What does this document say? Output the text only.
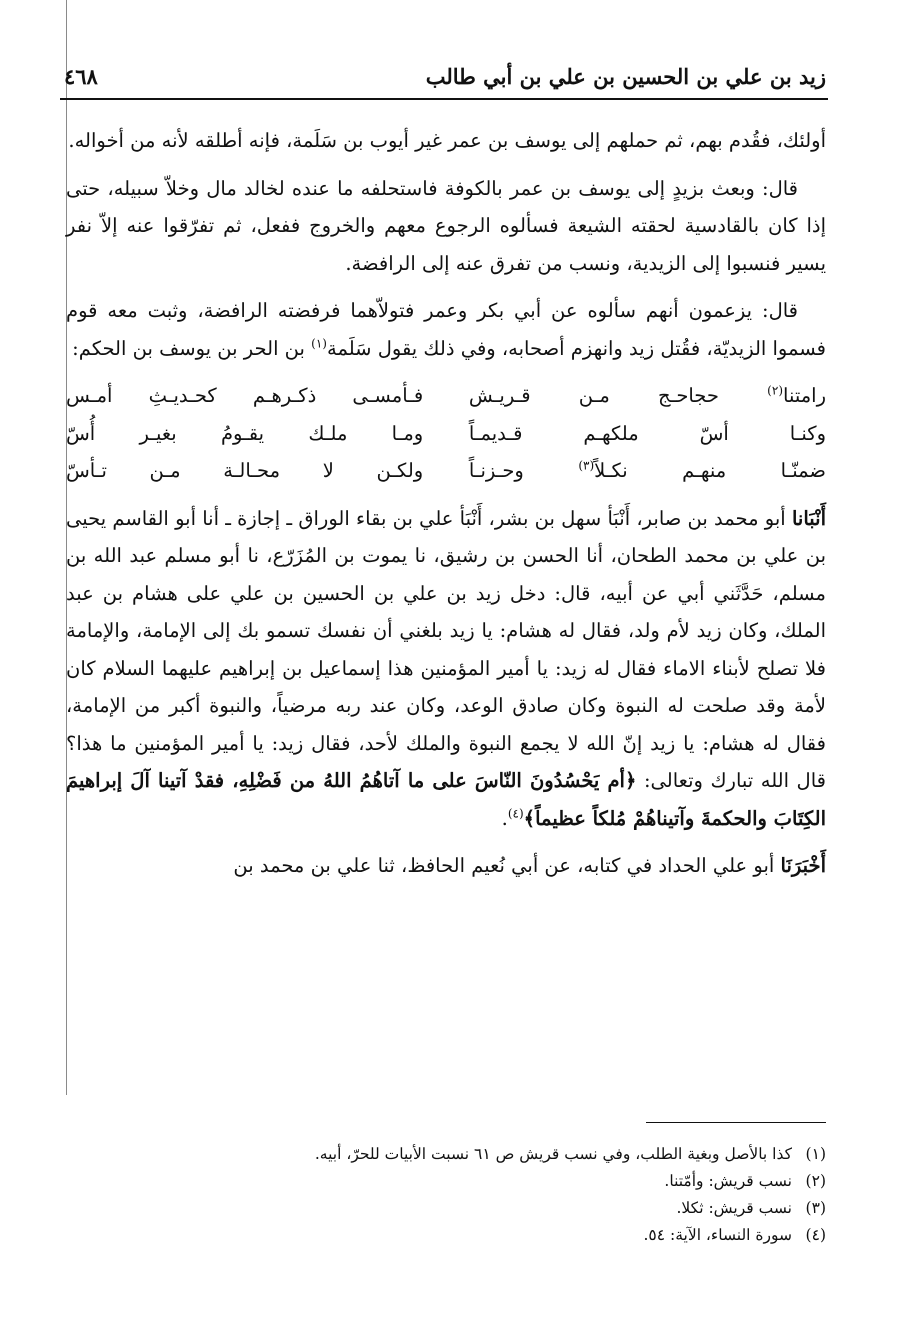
زيد بن علي بن الحسين بن علي بن أبي طالب
٤٦٨

أولئك، فقُدم بهم، ثم حملهم إلى يوسف بن عمر غير أيوب بن سَلَمة، فإنه أطلقه لأنه من أخواله.

قال: وبعث بزيدٍ إلى يوسف بن عمر بالكوفة فاستحلفه ما عنده لخالد مال وخلاّ سبيله، حتى إذا كان بالقادسية لحقته الشيعة فسألوه الرجوع معهم والخروج ففعل، ثم تفرّقوا عنه إلاّ نفر يسير فنسبوا إلى الزيدية، ونسب من تفرق عنه إلى الرافضة.

قال: يزعمون أنهم سألوه عن أبي بكر وعمر فتولاّهما فرفضته الرافضة، وثبت معه قوم فسموا الزيديّة، فقُتل زيد وانهزم أصحابه، وفي ذلك يقول سَلَمة$^{(١)}$ بن الحر بن يوسف بن الحكم:

رامتنا$^{(٢)}$ حجاحـج مـن قـريـش
فـأمسـى ذكـرهـم كحـديـثِ أمـس
وكنـا أسّ ملكهـم قـديمـاً
ومـا ملـك يقـومُ بغيـر أُسّ
ضمنّـا منهـم نكـلاً$^{(٣)}$ وحـزنـاً
ولكـن لا محـالـة مـن تـأسّ

أَنْبَانا أبو محمد بن صابر، أَنْبَأ سهل بن بشر، أَنْبَأ علي بن بقاء الوراق ـ إجازة ـ أنا أبو القاسم يحيى بن علي بن محمد الطحان، أنا الحسن بن رشيق، نا يموت بن المُزَرّع، نا أبو مسلم عبد الله بن مسلم، حَدَّثَني أبي عن أبيه، قال: دخل زيد بن علي بن الحسين بن علي على هشام بن عبد الملك، وكان زيد لأم ولد، فقال له هشام: يا زيد بلغني أن نفسك تسمو بك إلى الإمامة، والإمامة فلا تصلح لأبناء الاماء فقال له زيد: يا أمير المؤمنين هذا إسماعيل بن إبراهيم عليهما السلام كان لأمة وقد صلحت له النبوة وكان صادق الوعد، وكان عند ربه مرضياً، والنبوة أكبر من الإمامة، فقال له هشام: يا زيد إنّ الله لا يجمع النبوة والملك لأحد، فقال زيد: يا أمير المؤمنين ما هذا؟ قال الله تبارك وتعالى: ﴿أم يَحْسُدُونَ النّاسَ على ما آتاهُمُ اللهُ من فَضْلِهِ، فقدْ آتينا آلَ إبراهيمَ الكِتَابَ والحكمةَ وآتيناهُمْ مُلكاً عظيماً﴾$^{(٤)}$.

أَخْبَرَنَا أبو علي الحداد في كتابه، عن أبي نُعيم الحافظ، ثنا علي بن محمد بن

(١)كذا بالأصل وبغية الطلب، وفي نسب قريش ص ٦١ نسبت الأبيات للحرّ، أبيه.
(٢)نسب قريش: وأمّتنا.
(٣)نسب قريش: ثكلا.
(٤)سورة النساء، الآية: ٥٤.
